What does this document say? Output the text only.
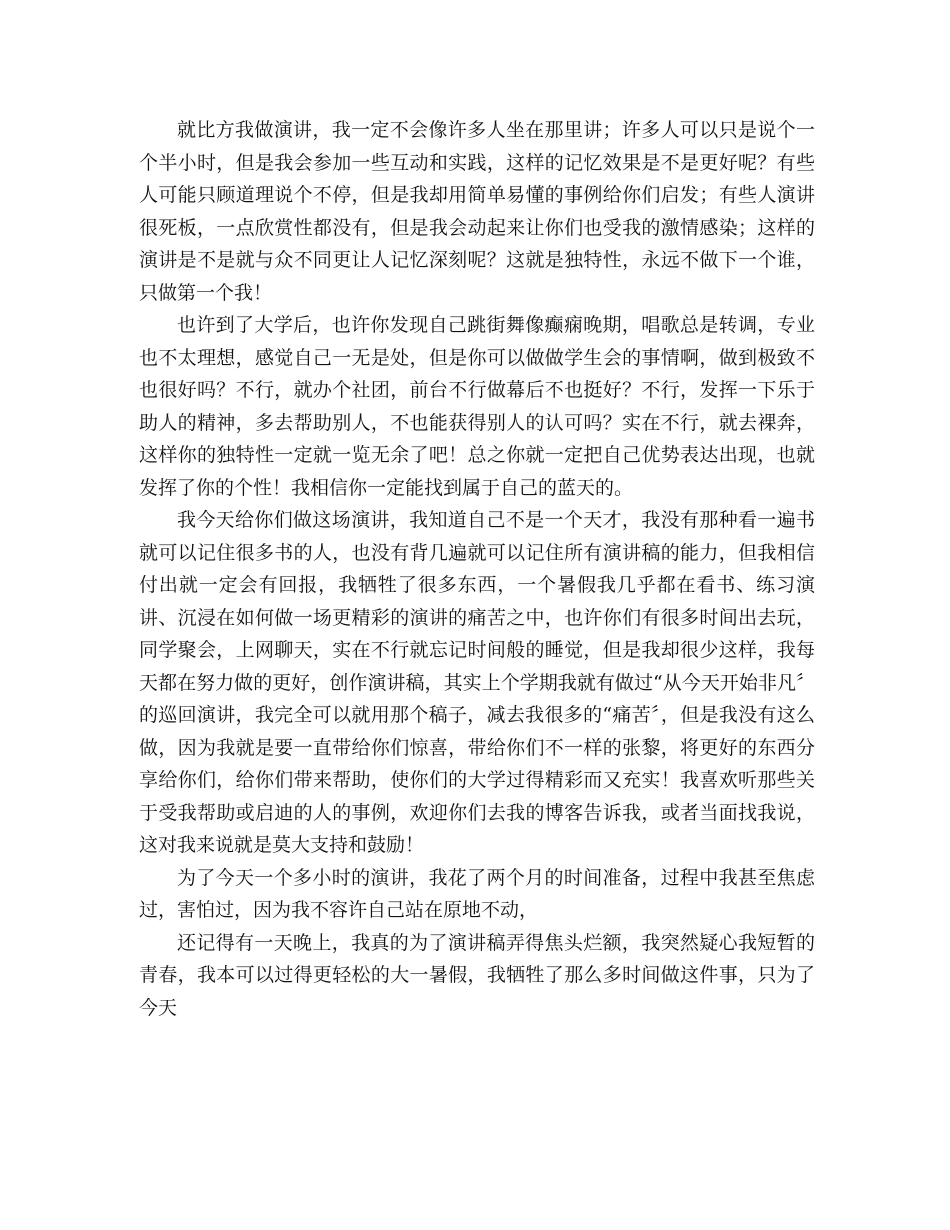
就比方我做演讲，我一定不会像许多人坐在那里讲；许多人可以只是说个一个半小时，但是我会参加一些互动和实践，这样的记忆效果是不是更好呢？有些人可能只顾道理说个不停，但是我却用简单易懂的事例给你们启发；有些人演讲很死板，一点欣赏性都没有，但是我会动起来让你们也受我的激情感染；这样的演讲是不是就与众不同更让人记忆深刻呢？这就是独特性，永远不做下一个谁，只做第一个我！

也许到了大学后，也许你发现自己跳街舞像癫痫晚期，唱歌总是转调，专业也不太理想，感觉自己一无是处，但是你可以做做学生会的事情啊，做到极致不也很好吗？不行，就办个社团，前台不行做幕后不也挺好？不行，发挥一下乐于助人的精神，多去帮助别人，不也能获得别人的认可吗？实在不行，就去裸奔，这样你的独特性一定就一览无余了吧！总之你就一定把自己优势表达出现，也就发挥了你的个性！我相信你一定能找到属于自己的蓝天的。

我今天给你们做这场演讲，我知道自己不是一个天才，我没有那种看一遍书就可以记住很多书的人，也没有背几遍就可以记住所有演讲稿的能力，但我相信付出就一定会有回报，我牺牲了很多东西，一个暑假我几乎都在看书、练习演讲、沉浸在如何做一场更精彩的演讲的痛苦之中，也许你们有很多时间出去玩，同学聚会，上网聊天，实在不行就忘记时间般的睡觉，但是我却很少这样，我每天都在努力做的更好，创作演讲稿，其实上个学期我就有做过“从今天开始非凡〞的巡回演讲，我完全可以就用那个稿子，减去我很多的“痛苦〞，但是我没有这么做，因为我就是要一直带给你们惊喜，带给你们不一样的张黎，将更好的东西分享给你们，给你们带来帮助，使你们的大学过得精彩而又充实！我喜欢听那些关于受我帮助或启迪的人的事例，欢迎你们去我的博客告诉我，或者当面找我说，这对我来说就是莫大支持和鼓励！

为了今天一个多小时的演讲，我花了两个月的时间准备，过程中我甚至焦虑过，害怕过，因为我不容许自己站在原地不动，

还记得有一天晚上，我真的为了演讲稿弄得焦头烂额，我突然疑心我短暂的青春，我本可以过得更轻松的大一暑假，我牺牲了那么多时间做这件事，只为了今天
